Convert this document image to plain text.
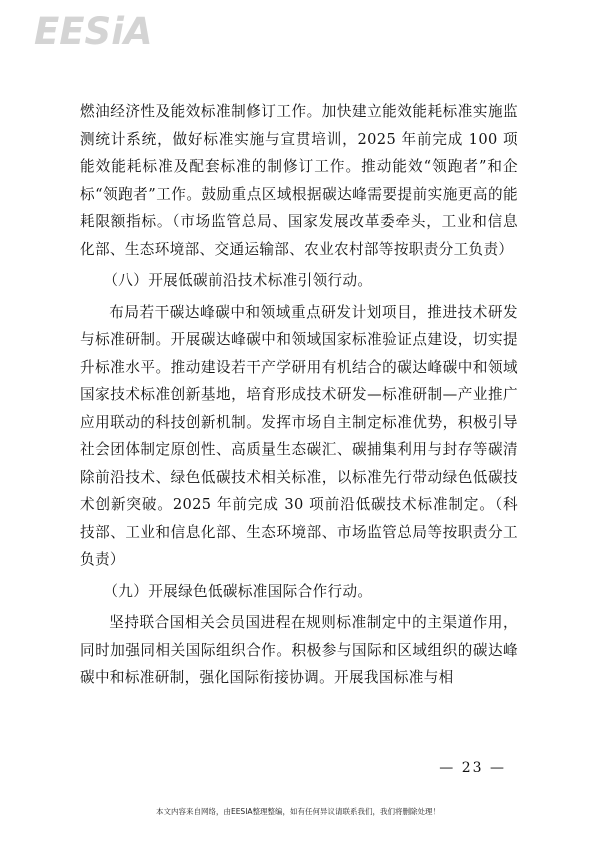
EESiA

燃油经济性及能效标准制修订工作。加快建立能效能耗标准实施监测统计系统，做好标准实施与宣贯培训，2025 年前完成 100 项能效能耗标准及配套标准的制修订工作。推动能效“领跑者”和企标“领跑者”工作。鼓励重点区域根据碳达峰需要提前实施更高的能耗限额指标。（市场监管总局、国家发展改革委牵头，工业和信息化部、生态环境部、交通运输部、农业农村部等按职责分工负责）

（八）开展低碳前沿技术标准引领行动。

布局若干碳达峰碳中和领域重点研发计划项目，推进技术研发与标准研制。开展碳达峰碳中和领域国家标准验证点建设，切实提升标准水平。推动建设若干产学研用有机结合的碳达峰碳中和领域国家技术标准创新基地，培育形成技术研发—标准研制—产业推广应用联动的科技创新机制。发挥市场自主制定标准优势，积极引导社会团体制定原创性、高质量生态碳汇、碳捕集利用与封存等碳清除前沿技术、绿色低碳技术相关标准，以标准先行带动绿色低碳技术创新突破。2025 年前完成 30 项前沿低碳技术标准制定。（科技部、工业和信息化部、生态环境部、市场监管总局等按职责分工负责）

（九）开展绿色低碳标准国际合作行动。

坚持联合国相关会员国进程在规则标准制定中的主渠道作用，同时加强同相关国际组织合作。积极参与国际和区域组织的碳达峰碳中和标准研制，强化国际衔接协调。开展我国标准与相

— 23 —
本文内容来自网络，由EESIA整理整编，如有任何异议请联系我们，我们将删除处理！
